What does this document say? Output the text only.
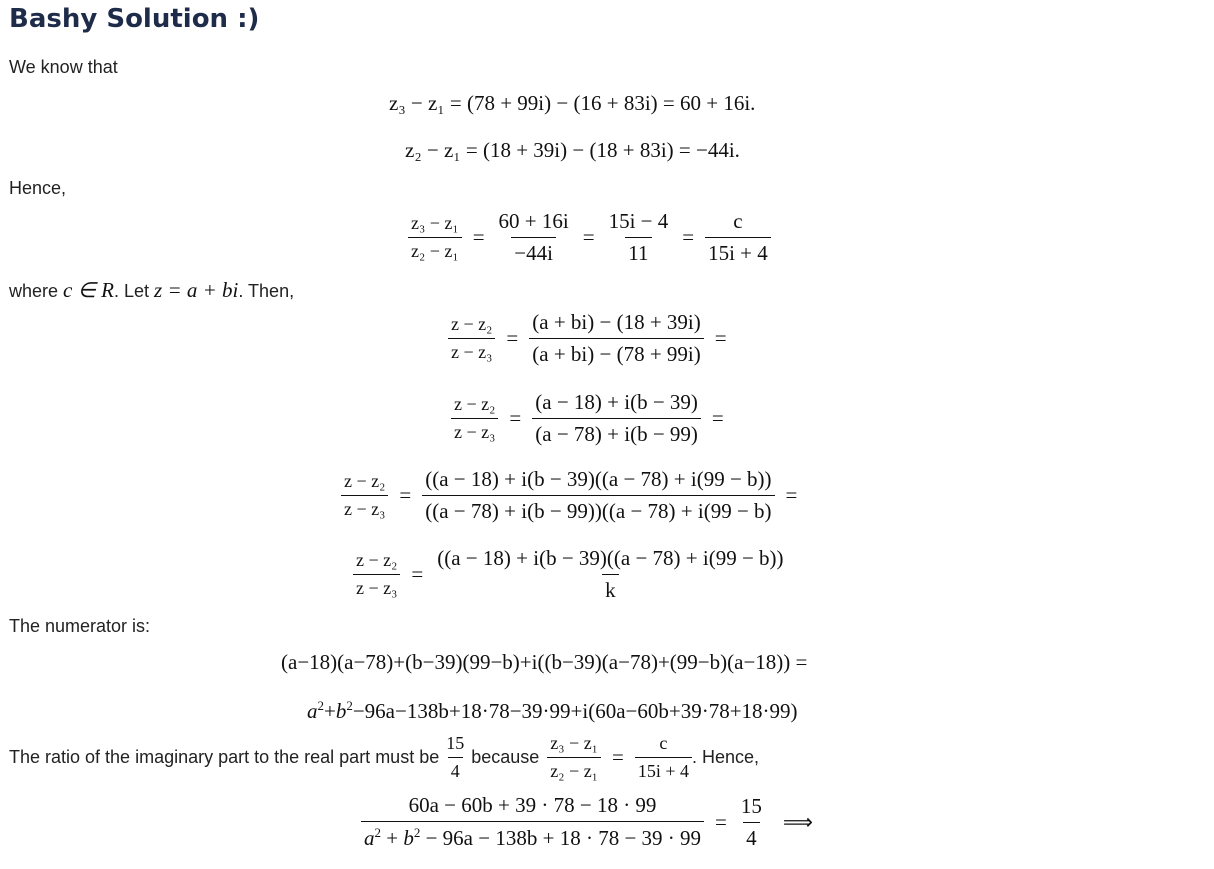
Bashy Solution :)
We know that
z₃ − z₁ = (78 + 99i) − (16 + 83i) = 60 + 16i.
z₂ − z₁ = (18 + 39i) − (18 + 83i) = −44i.
Hence,
$\frac{\text{z₃ − z₁}}{\text{z₂ − z₁}} = \frac{60 + 16i}{-44i} = \frac{15i - 4}{11} = \frac{c}{15i + 4}$
where c ∈ R. Let z = a + bi. Then,
$\frac{\text{z − z₂}}{\text{z − z₃}} = \frac{(a + bi) - (18 + 39i)}{(a + bi) - (78 + 99i)}$ =
$\frac{\text{z − z₂}}{\text{z − z₃}} = \frac{(a - 18) + i(b - 39)}{(a - 78) + i(b - 99)}$ =
$\frac{\text{z − z₂}}{\text{z − z₃}} = \frac{((a - 18) + i(b - 39)((a - 78) + i(99 - b))}{((a - 78) + i(b - 99))((a - 78) + i(99 - b)}$ =
$\frac{\text{z − z₂}}{\text{z − z₃}} = \frac{((a - 18) + i(b - 39)((a - 78) + i(99 - b))}{k}$
The numerator is:
(a−18)(a−78)+(b−39)(99−b)+i((b−39)(a−78)+(99−b)(a−18)) =
$a^2+b^2-96a-138b+18\cdot 78-39\cdot 99+i(60a-60b+39\cdot 78+18\cdot 99)$
The ratio of the imaginary part to the real part must be $\frac{15}{4}$ because $\frac{\text{z₃ − z₁}}{\text{z₂ − z₁}} = \frac{c}{15i + 4}$ . Hence,
$\frac{60a - 60b + 39 \cdot 78 - 18 \cdot 99}{a^2 + b^2 - 96a - 138b + 18 \cdot 78 - 39 \cdot 99} = \frac{15}{4}$ ⟹
